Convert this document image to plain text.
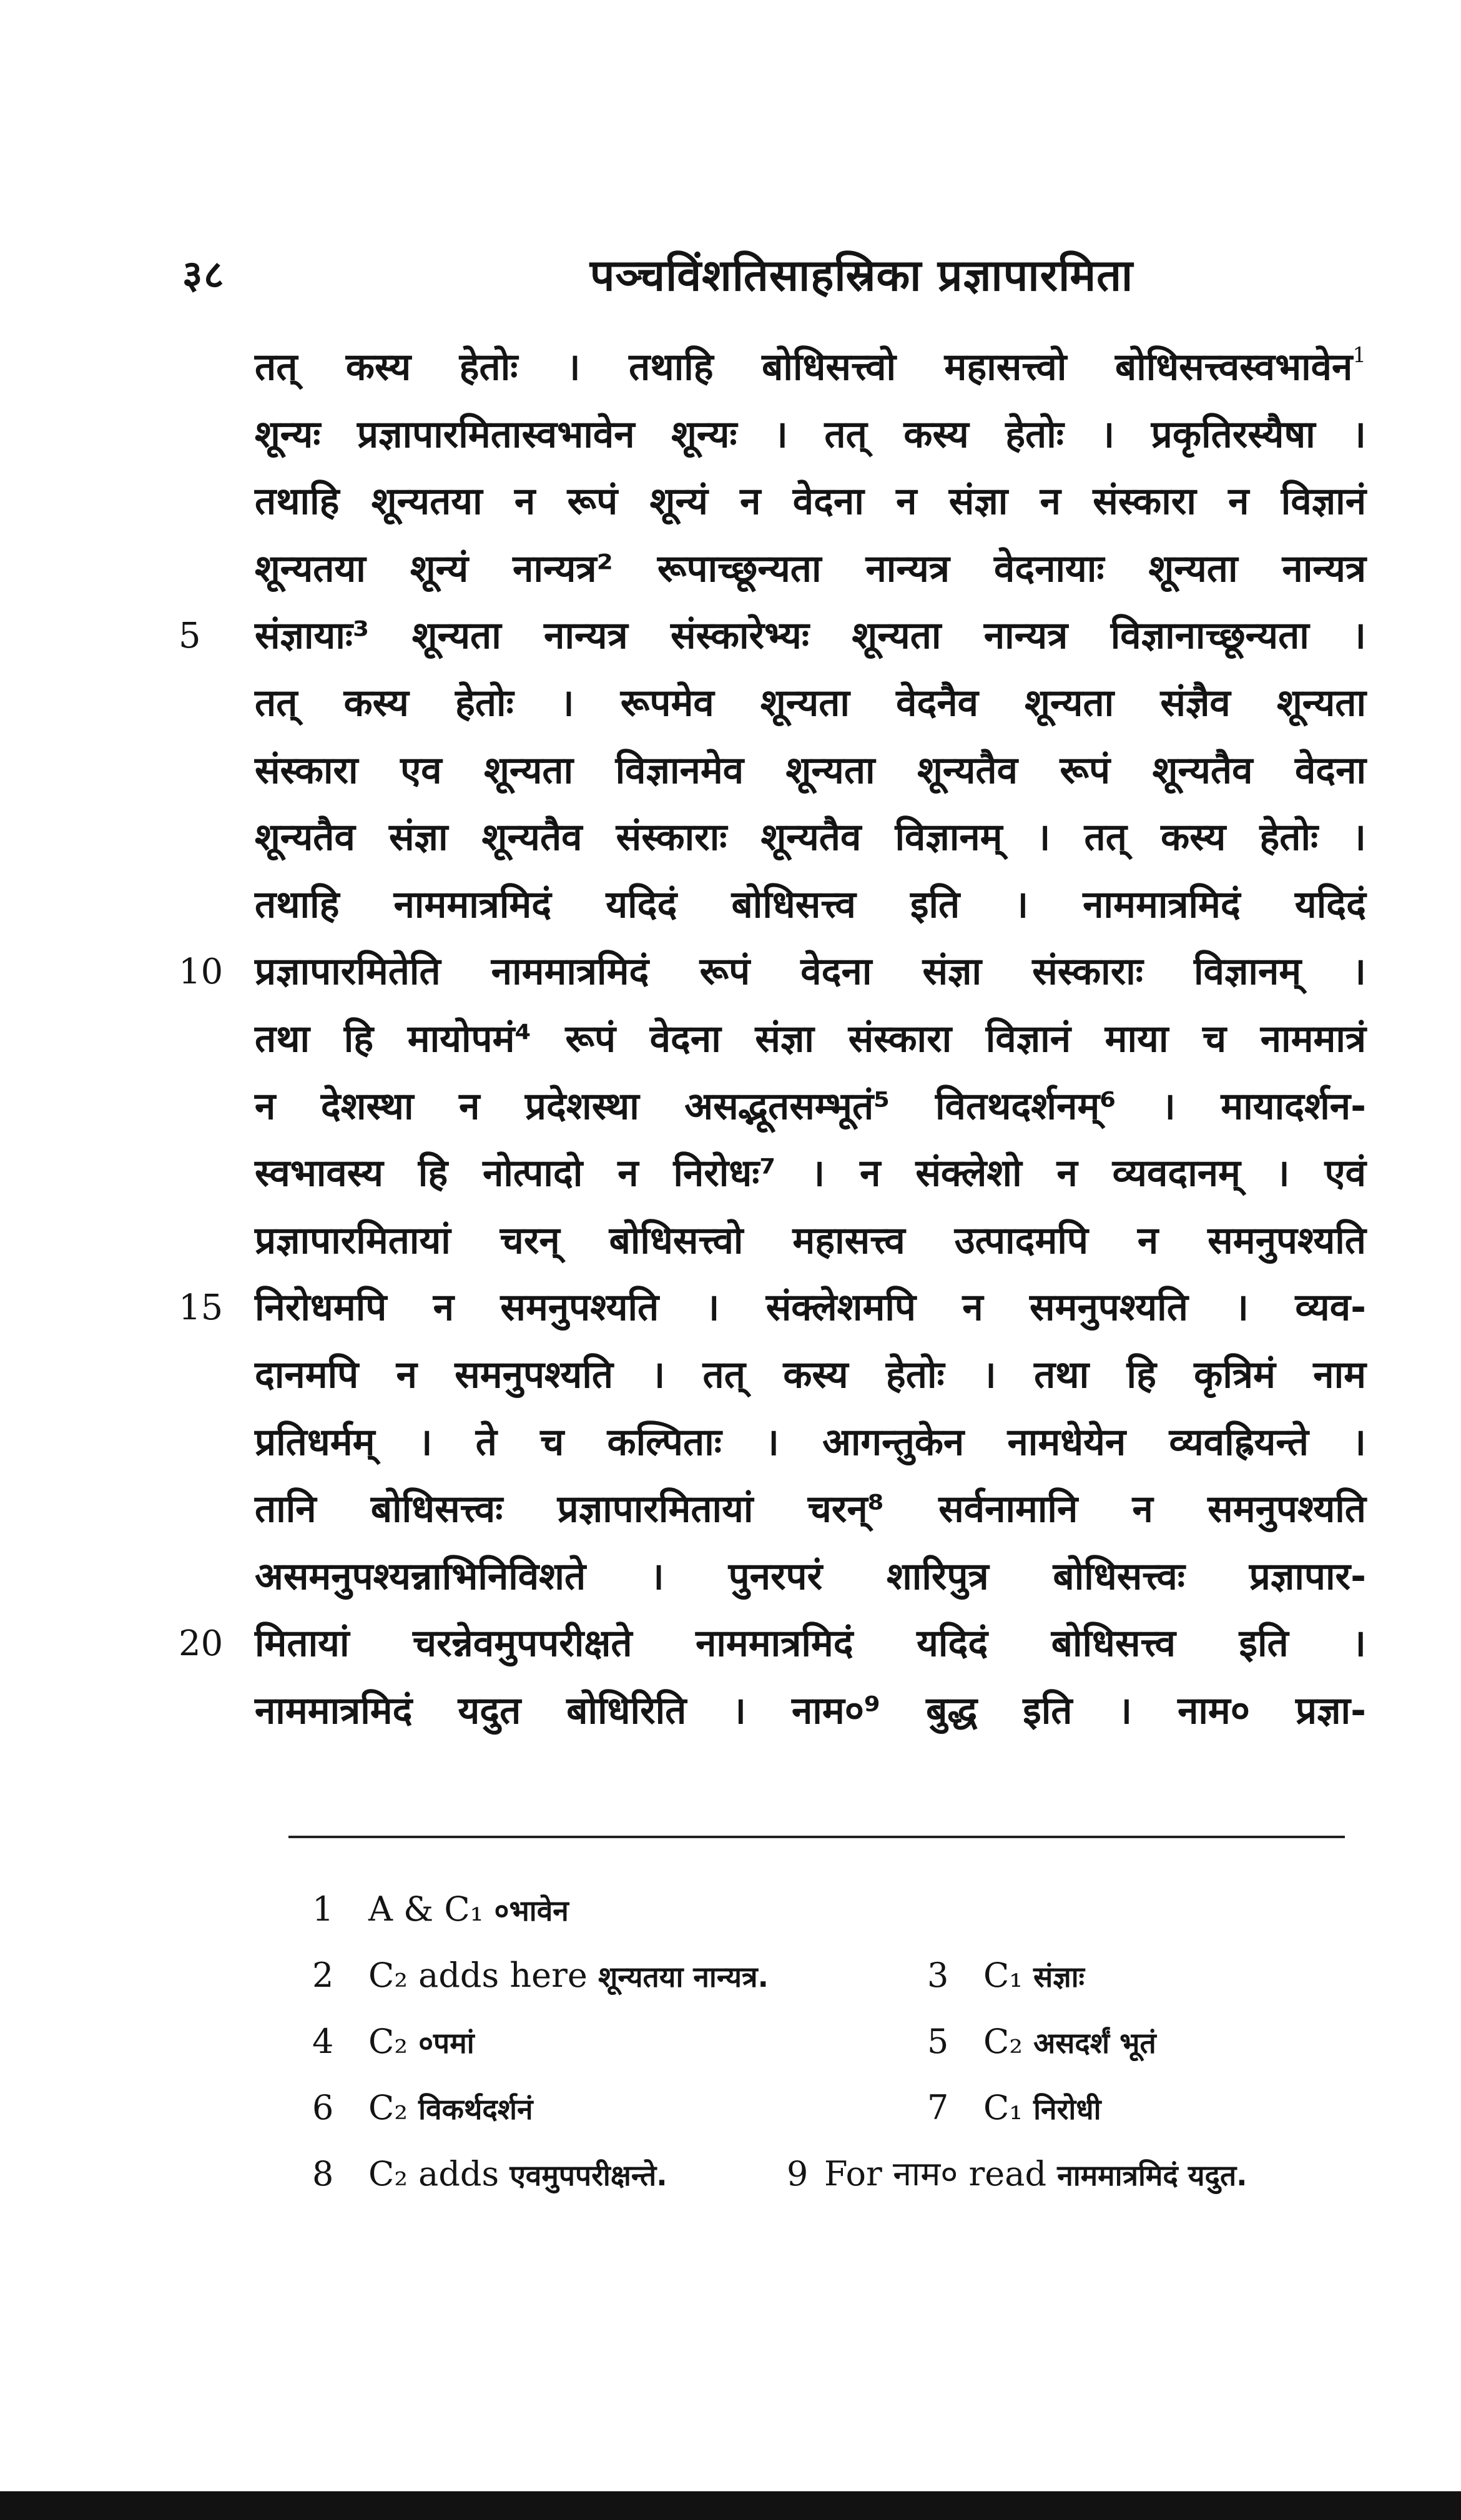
३८	पञ्चविंशतिसाहस्रिका प्रज्ञापारमिता
तत् कस्य हेतोः । तथाहि बोधिसत्त्वो महासत्त्वो बोधिसत्त्वस्वभावेन$^1$
शून्यः प्रज्ञापारमितास्वभावेन शून्यः । तत् कस्य हेतोः । प्रकृतिरस्यैषा ।
तथाहि शून्यतया न रूपं शून्यं न वेदना न संज्ञा न संस्कारा न विज्ञानं
शून्यतया शून्यं नान्यत्र² रूपाच्छून्यता नान्यत्र वेदनायाः शून्यता नान्यत्र
5	संज्ञायाः³ शून्यता नान्यत्र संस्कारेभ्यः शून्यता नान्यत्र विज्ञानाच्छून्यता ।
तत् कस्य हेतोः । रूपमेव शून्यता वेदनैव शून्यता संज्ञैव शून्यता
संस्कारा एव शून्यता विज्ञानमेव शून्यता शून्यतैव रूपं शून्यतैव वेदना
शून्यतैव संज्ञा शून्यतैव संस्काराः शून्यतैव विज्ञानम् । तत् कस्य हेतोः ।
तथाहि नाममात्रमिदं यदिदं बोधिसत्त्व इति । नाममात्रमिदं यदिदं
10 प्रज्ञापारमितेति नाममात्रमिदं रूपं वेदना संज्ञा संस्काराः विज्ञानम् ।
तथा हि मायोपमं⁴ रूपं वेदना संज्ञा संस्कारा विज्ञानं माया च नाममात्रं
न देशस्था न प्रदेशस्था असद्भूतसम्भूतं⁵ वितथदर्शनम्⁶ । मायादर्शन-
स्वभावस्य हि नोत्पादो न निरोधः⁷ । न संक्लेशो न व्यवदानम् । एवं
प्रज्ञापारमितायां चरन् बोधिसत्त्वो महासत्त्व उत्पादमपि न समनुपश्यति
15 निरोधमपि न समनुपश्यति । संक्लेशमपि न समनुपश्यति । व्यव-
दानमपि न समनुपश्यति । तत् कस्य हेतोः । तथा हि कृत्रिमं नाम
प्रतिधर्मम् । ते च कल्पिताः । आगन्तुकेन नामधेयेन व्यवह्रियन्ते ।
तानि बोधिसत्त्वः प्रज्ञापारमितायां चरन्⁸ सर्वनामानि न समनुपश्यति
असमनुपश्यन्नाभिनिविशते । पुनरपरं शारिपुत्र बोधिसत्त्वः प्रज्ञापार-
20 मितायां चरन्नेवमुपपरीक्षते नाममात्रमिदं यदिदं बोधिसत्त्व इति ।
नाममात्रमिदं यदुत बोधिरिति । नाम०⁹ बुद्ध इति । नाम० प्रज्ञा-
1 A & C₁ ०भावेन
2 C₂ adds here शून्यतया नान्यत्र.	3 C₁ संज्ञाः
4 C₂ ०पमां	5 C₂ असदर्शं भूतं
6 C₂ विकर्थदर्शनं	7 C₁ निरोधी
8 C₂ adds एवमुपपरीक्षन्ते.	9 For नाम० read नाममात्रमिदं यदुत.
